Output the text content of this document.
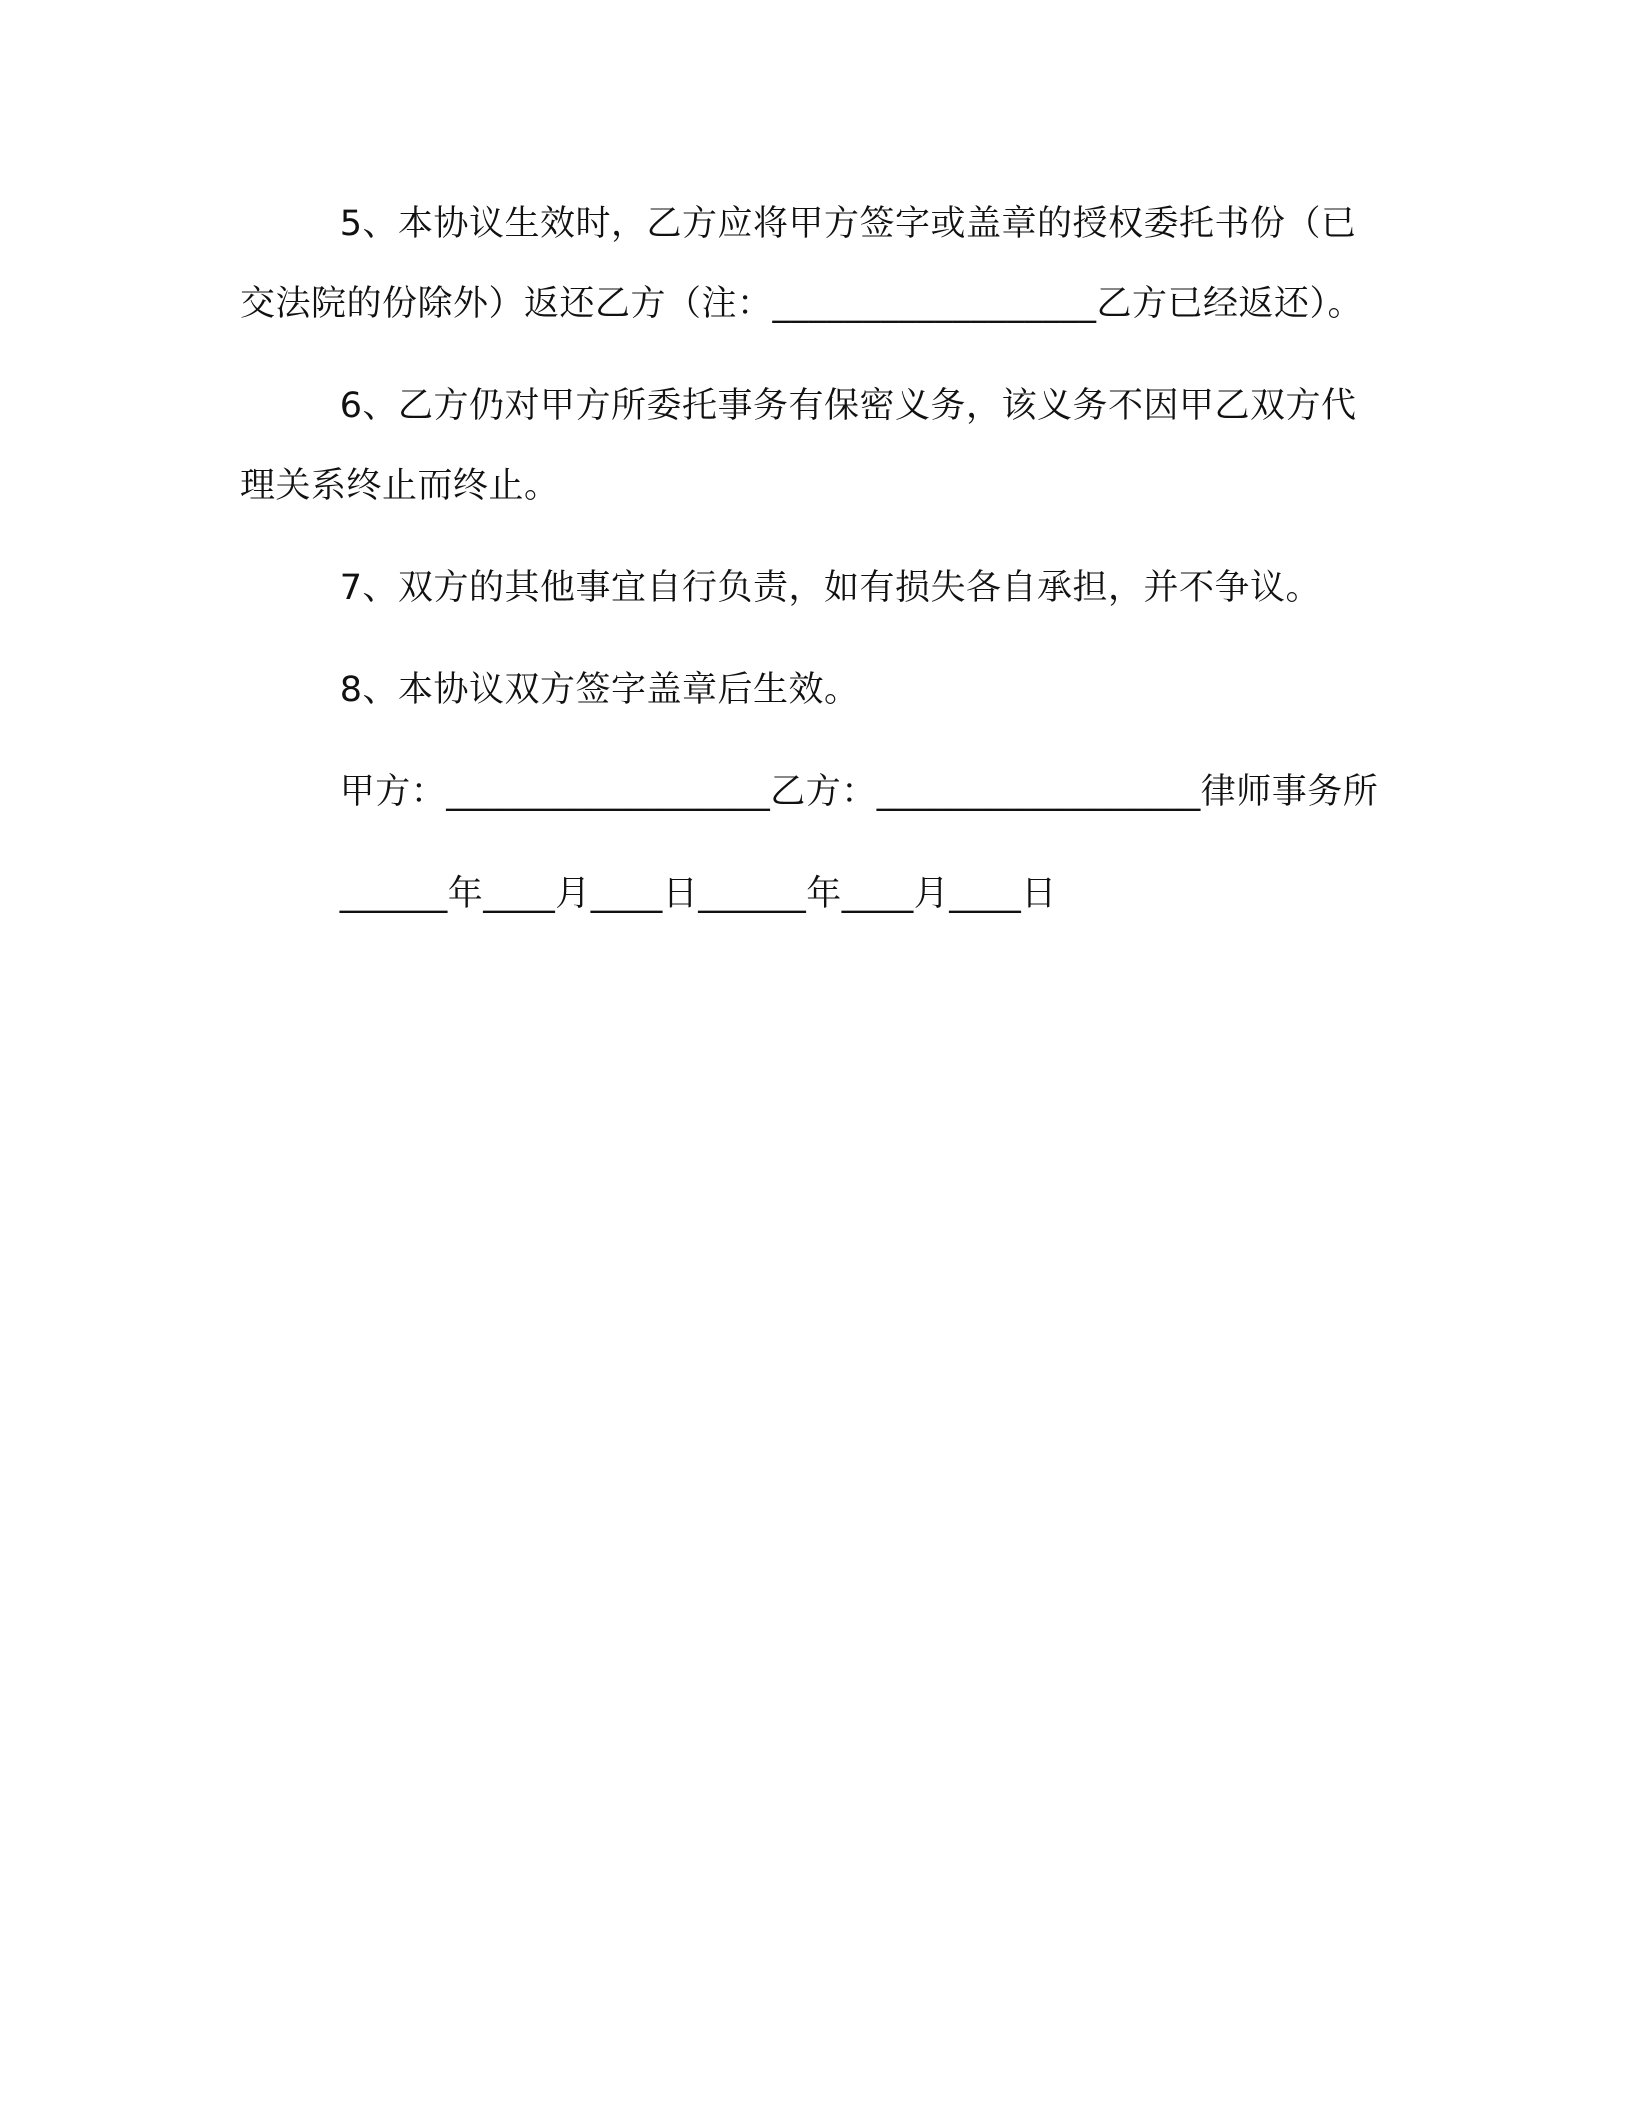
5、本协议生效时，乙方应将甲方签字或盖章的授权委托书份（已交法院的份除外）返还乙方（注：__________________乙方已经返还）。

6、乙方仍对甲方所委托事务有保密义务，该义务不因甲乙双方代理关系终止而终止。

7、双方的其他事宜自行负责，如有损失各自承担，并不争议。

8、本协议双方签字盖章后生效。

甲方：__________________乙方：__________________律师事务所

______年____月____日______年____月____日
